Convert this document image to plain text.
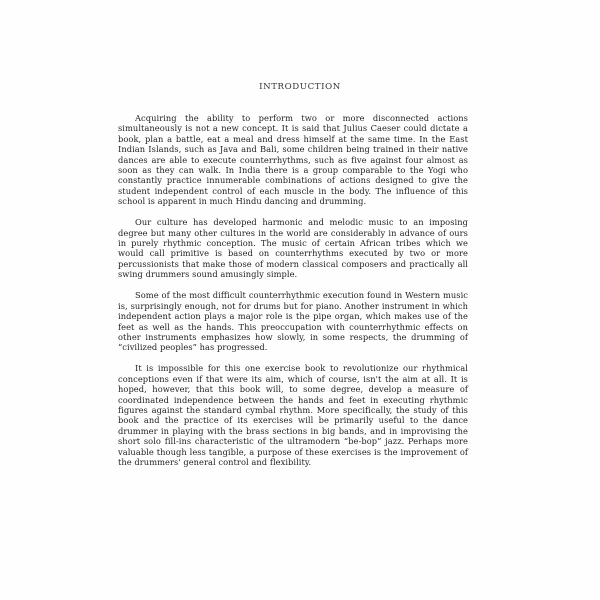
INTRODUCTION

Acquiring the ability to perform two or more disconnected actions simultaneously is not a new concept. It is said that Julius Caeser could dictate a book, plan a battle, eat a meal and dress himself at the same time. In the East Indian Islands, such as Java and Bali, some children being trained in their native dances are able to execute counterrhythms, such as five against four almost as soon as they can walk. In India there is a group comparable to the Yogi who constantly practice innumerable combinations of actions designed to give the student independent control of each muscle in the body. The influence of this school is apparent in much Hindu dancing and drumming.

Our culture has developed harmonic and melodic music to an imposing degree but many other cultures in the world are considerably in advance of ours in purely rhythmic conception. The music of certain African tribes which we would call primitive is based on counterrhythms executed by two or more percussionists that make those of modern classical composers and practically all swing drummers sound amusingly simple.

Some of the most difficult counterrhythmic execution found in Western music is, surprisingly enough, not for drums but for piano. Another instrument in which independent action plays a major role is the pipe organ, which makes use of the feet as well as the hands. This preoccupation with counterrhythmic effects on other instruments emphasizes how slowly, in some respects, the drumming of “civilized peoples” has progressed.

It is impossible for this one exercise book to revolutionize our rhythmical conceptions even if that were its aim, which of course, isn't the aim at all. It is hoped, however, that this book will, to some degree, develop a measure of coordinated independence between the hands and feet in executing rhythmic figures against the standard cymbal rhythm. More specifically, the study of this book and the practice of its exercises will be primarily useful to the dance drummer in playing with the brass sections in big bands, and in improvising the short solo fill-ins characteristic of the ultramodern “be-bop” jazz. Perhaps more valuable though less tangible, a purpose of these exercises is the improvement of the drummers' general control and flexibility.
